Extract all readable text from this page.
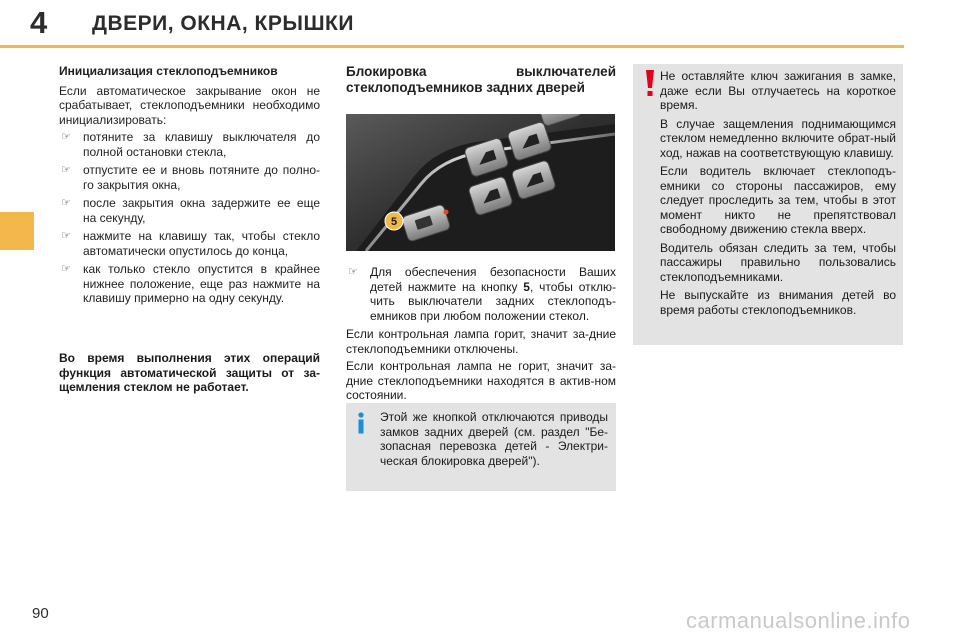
4 ДВЕРИ, ОКНА, КРЫШКИ

Инициализация стеклоподъемников

Если автоматическое закрывание окон не срабатывает, стеклоподъемники необходимо инициализировать:

☞ потяните за клавишу выключателя до полной остановки стекла,
☞ отпустите ее и вновь потяните до полно-го закрытия окна,
☞ после закрытия окна задержите ее еще на секунду,
☞ нажмите на клавишу так, чтобы стекло автоматически опустилось до конца,
☞ как только стекло опустится в крайнее нижнее положение, еще раз нажмите на клавишу примерно на одну секунду.

Во время выполнения этих операций функция автоматической защиты от за-щемления стеклом не работает.

Блокировка выключателей стеклоподъемников задних дверей

5
☞ Для обеспечения безопасности Ваших детей нажмите на кнопку 5, чтобы отклю-чить выключатели задних стеклоподъ-емников при любом положении стекол.

Если контрольная лампа горит, значит за-дние стеклоподъемники отключены.

Если контрольная лампа не горит, значит за-дние стеклоподъемники находятся в актив-ном состоянии.

Этой же кнопкой отключаются приводы замков задних дверей (см. раздел "Бе-зопасная перевозка детей - Электри-ческая блокировка дверей").

Не оставляйте ключ зажигания в замке, даже если Вы отлучаетесь на короткое время.

В случае защемления поднимающимся стеклом немедленно включите обрат-ный ход, нажав на соответствующую клавишу.

Если водитель включает стеклоподъ-емники со стороны пассажиров, ему следует проследить за тем, чтобы в этот момент никто не препятствовал свободному движению стекла вверх.

Водитель обязан следить за тем, чтобы пассажиры правильно пользовались стеклоподъемниками.

Не выпускайте из внимания детей во время работы стеклоподъемников.

90	carmanualsonline.info
